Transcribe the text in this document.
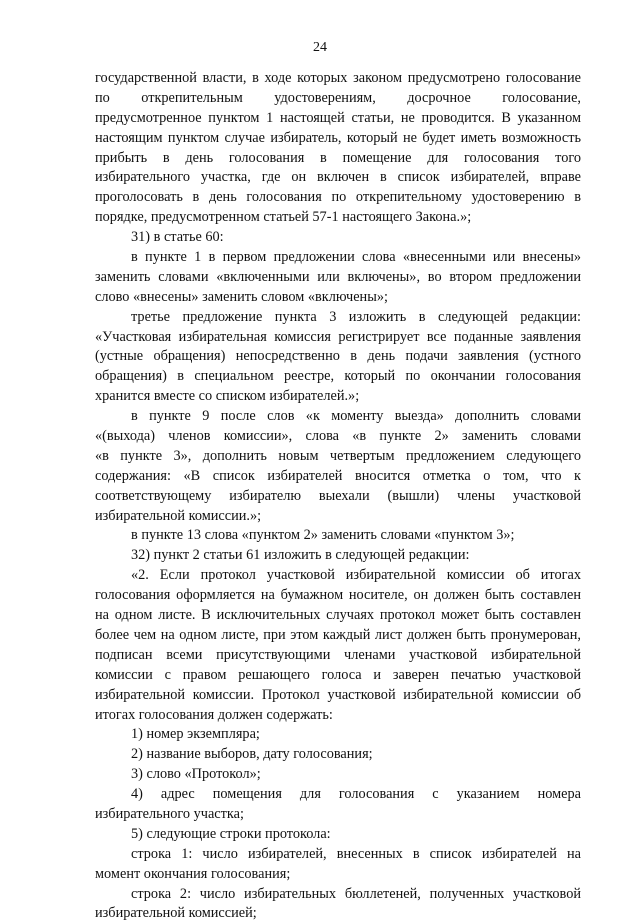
24
государственной власти, в ходе которых законом предусмотрено голосование
по открепительным удостоверениям, досрочное голосование,
предусмотренное пунктом 1 настоящей статьи, не проводится. В указанном
настоящим пунктом случае избиратель, который не будет иметь возможность
прибыть в день голосования в помещение для голосования того
избирательного участка, где он включен в список избирателей, вправе
проголосовать в день голосования по открепительному удостоверению в
порядке, предусмотренном статьей 57-1 настоящего Закона.»;
31) в статье 60:
в пункте 1 в первом предложении слова «внесенными или внесены»
заменить словами «включенными или включены», во втором предложении
слово «внесены» заменить словом «включены»;
третье предложение пункта 3 изложить в следующей редакции:
«Участковая избирательная комиссия регистрирует все поданные заявления
(устные обращения) непосредственно в день подачи заявления (устного
обращения) в специальном реестре, который по окончании голосования
хранится вместе со списком избирателей.»;
в пункте 9 после слов «к моменту выезда» дополнить словами
«(выхода) членов комиссии», слова «в пункте 2» заменить словами
«в пункте 3», дополнить новым четвертым предложением следующего
содержания: «В список избирателей вносится отметка о том, что к
соответствующему избирателю выехали (вышли) члены участковой
избирательной комиссии.»;
в пункте 13 слова «пунктом 2» заменить словами «пунктом 3»;
32) пункт 2 статьи 61 изложить в следующей редакции:
«2. Если протокол участковой избирательной комиссии об итогах
голосования оформляется на бумажном носителе, он должен быть составлен
на одном листе. В исключительных случаях протокол может быть составлен
более чем на одном листе, при этом каждый лист должен быть пронумерован,
подписан всеми присутствующими членами участковой избирательной
комиссии с правом решающего голоса и заверен печатью участковой
избирательной комиссии. Протокол участковой избирательной комиссии об
итогах голосования должен содержать:
1) номер экземпляра;
2) название выборов, дату голосования;
3) слово «Протокол»;
4) адрес помещения для голосования с указанием номера
избирательного участка;
5) следующие строки протокола:
строка 1: число избирателей, внесенных в список избирателей на
момент окончания голосования;
строка 2: число избирательных бюллетеней, полученных участковой
избирательной комиссией;
